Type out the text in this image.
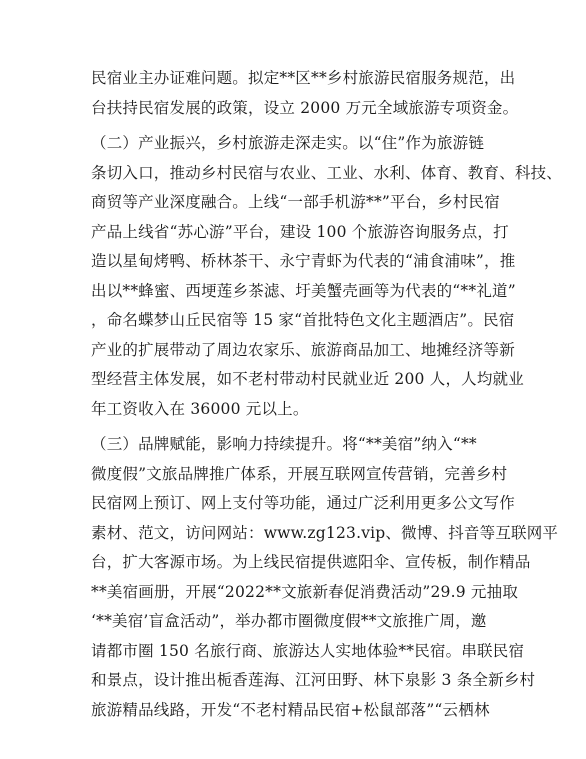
民宿业主办证难问题。拟定**区**乡村旅游民宿服务规范，出
台扶持民宿发展的政策，设立 2000 万元全域旅游专项资金。
（二）产业振兴，乡村旅游走深走实。以“住”作为旅游链
条切入口，推动乡村民宿与农业、工业、水利、体育、教育、科技、
商贸等产业深度融合。上线“一部手机游**”平台，乡村民宿
产品上线省“苏心游”平台，建设 100 个旅游咨询服务点，打
造以星甸烤鸭、桥林茶干、永宁青虾为代表的“浦食浦味”，推
出以**蜂蜜、西埂莲乡茶滤、圩美蟹壳画等为代表的“**礼道”
，命名蝶梦山丘民宿等 15 家“首批特色文化主题酒店”。民宿
产业的扩展带动了周边农家乐、旅游商品加工、地摊经济等新
型经营主体发展，如不老村带动村民就业近 200 人，人均就业
年工资收入在 36000 元以上。
（三）品牌赋能，影响力持续提升。将“**美宿”纳入“**
微度假”文旅品牌推广体系，开展互联网宣传营销，完善乡村
民宿网上预订、网上支付等功能，通过广泛利用更多公文写作
素材、范文，访问网站：www.zg123.vip、微博、抖音等互联网平
台，扩大客源市场。为上线民宿提供遮阳伞、宣传板，制作精品
**美宿画册，开展“2022**文旅新春促消费活动”29.9 元抽取
‘**美宿’盲盒活动”，举办都市圈微度假**文旅推广周，邀
请都市圈 150 名旅行商、旅游达人实地体验**民宿。串联民宿
和景点，设计推出栀香莲海、江河田野、林下泉影 3 条全新乡村
旅游精品线路，开发“不老村精品民宿+松鼠部落”“云栖林
